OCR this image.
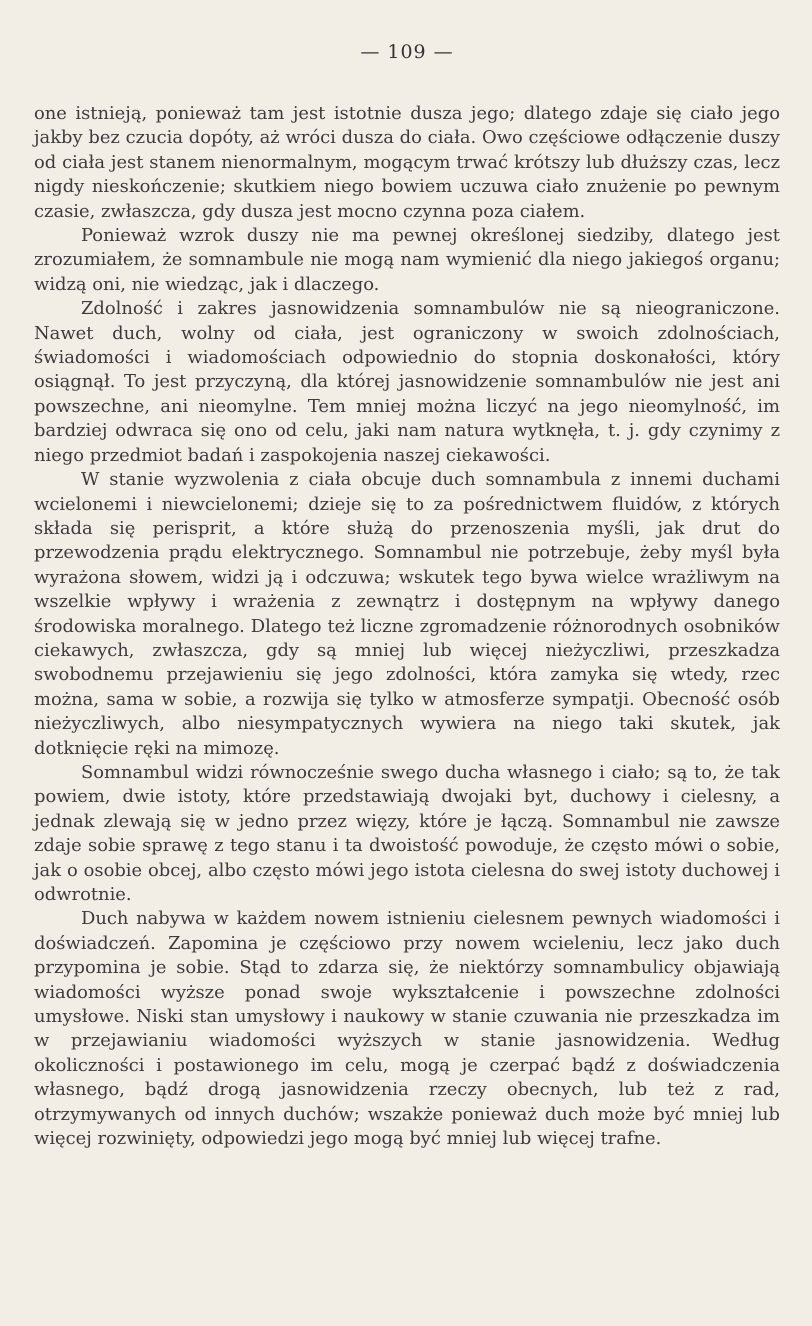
— 109 —

one istnieją, ponieważ tam jest istotnie dusza jego; dlatego zdaje się ciało jego jakby bez czucia dopóty, aż wróci dusza do ciała. Owo częściowe odłączenie duszy od ciała jest stanem nienormalnym, mogącym trwać krótszy lub dłuższy czas, lecz nigdy nieskończenie; skutkiem niego bowiem uczuwa ciało znużenie po pewnym czasie, zwłaszcza, gdy dusza jest mocno czynna poza ciałem.

Ponieważ wzrok duszy nie ma pewnej określonej siedziby, dlatego jest zrozumiałem, że somnambule nie mogą nam wymienić dla niego jakiegoś organu; widzą oni, nie wiedząc, jak i dlaczego.

Zdolność i zakres jasnowidzenia somnambulów nie są nieograniczone. Nawet duch, wolny od ciała, jest ograniczony w swoich zdolnościach, świadomości i wiadomościach odpowiednio do stopnia doskonałości, który osiągnął. To jest przyczyną, dla której jasnowidzenie somnambulów nie jest ani powszechne, ani nieomylne. Tem mniej można liczyć na jego nieomylność, im bardziej odwraca się ono od celu, jaki nam natura wytknęła, t. j. gdy czynimy z niego przedmiot badań i zaspokojenia naszej ciekawości.

W stanie wyzwolenia z ciała obcuje duch somnambula z innemi duchami wcielonemi i niewcielonemi; dzieje się to za pośrednictwem fluidów, z których składa się perisprit, a które służą do przenoszenia myśli, jak drut do przewodzenia prądu elektrycznego. Somnambul nie potrzebuje, żeby myśl była wyrażona słowem, widzi ją i odczuwa; wskutek tego bywa wielce wrażliwym na wszelkie wpływy i wrażenia z zewnątrz i dostępnym na wpływy danego środowiska moralnego. Dlatego też liczne zgromadzenie różnorodnych osobników ciekawych, zwłaszcza, gdy są mniej lub więcej nieżyczliwi, przeszkadza swobodnemu przejawieniu się jego zdolności, która zamyka się wtedy, rzec można, sama w sobie, a rozwija się tylko w atmosferze sympatji. Obecność osób nieżyczliwych, albo niesympatycznych wywiera na niego taki skutek, jak dotknięcie ręki na mimozę.

Somnambul widzi równocześnie swego ducha własnego i ciało; są to, że tak powiem, dwie istoty, które przedstawiają dwojaki byt, duchowy i cielesny, a jednak zlewają się w jedno przez więzy, które je łączą. Somnambul nie zawsze zdaje sobie sprawę z tego stanu i ta dwoistość powoduje, że często mówi o sobie, jak o osobie obcej, albo często mówi jego istota cielesna do swej istoty duchowej i odwrotnie.

Duch nabywa w każdem nowem istnieniu cielesnem pewnych wiadomości i doświadczeń. Zapomina je częściowo przy nowem wcieleniu, lecz jako duch przypomina je sobie. Stąd to zdarza się, że niektórzy somnambulicy objawiają wiadomości wyższe ponad swoje wykształcenie i powszechne zdolności umysłowe. Niski stan umysłowy i naukowy w stanie czuwania nie przeszkadza im w przejawianiu wiadomości wyższych w stanie jasnowidzenia. Według okoliczności i postawionego im celu, mogą je czerpać bądź z doświadczenia własnego, bądź drogą jasnowidzenia rzeczy obecnych, lub też z rad, otrzymywanych od innych duchów; wszakże ponieważ duch może być mniej lub więcej rozwinięty, odpowiedzi jego mogą być mniej lub więcej trafne.
